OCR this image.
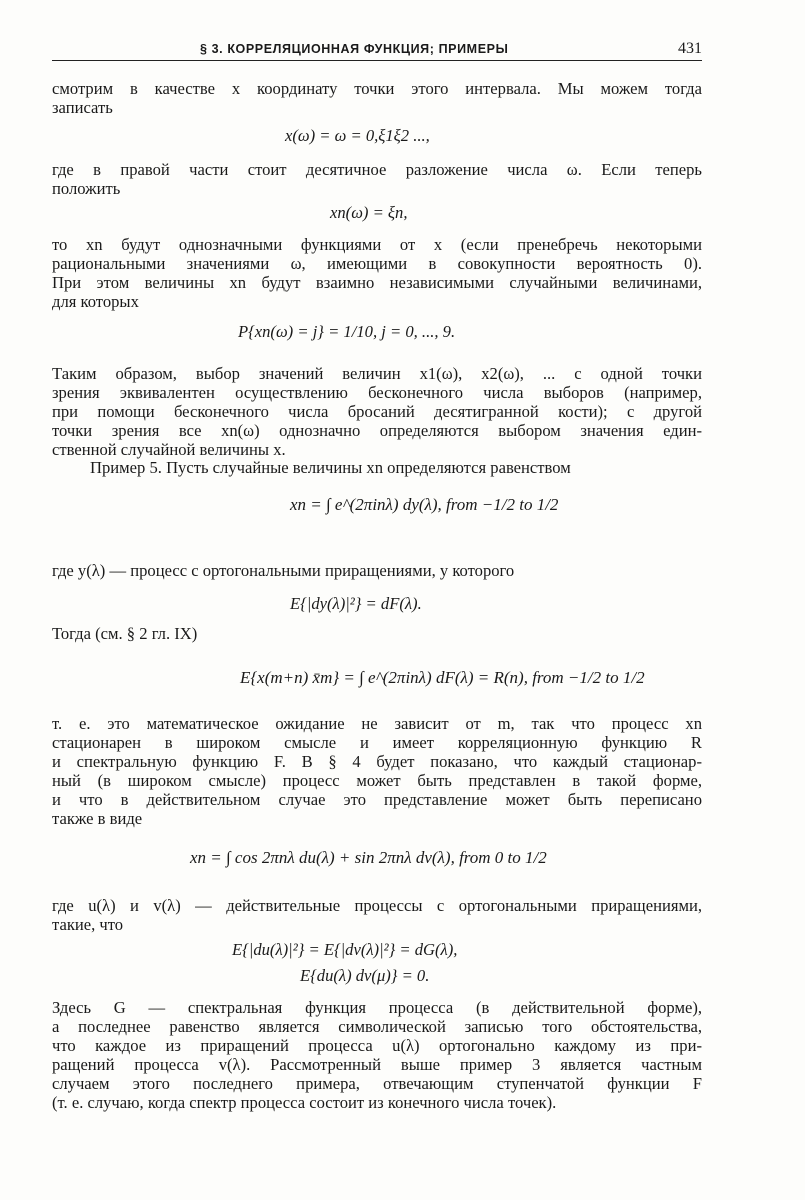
§ 3. КОРРЕЛЯЦИОННАЯ ФУНКЦИЯ; ПРИМЕРЫ	431
смотрим в качестве x координату точки этого интервала. Мы можем тогда
записать
x(ω) = ω = 0,ξ1ξ2 ...,
где в правой части стоит десятичное разложение числа ω. Если теперь
положить
xn(ω) = ξn,
то xn будут однозначными функциями от x (если пренебречь некоторыми
рациональными значениями ω, имеющими в совокупности вероятность 0).
При этом величины xn будут взаимно независимыми случайными величинами,
для которых
P{xn(ω) = j} = 1/10, j = 0, ..., 9.
Таким образом, выбор значений величин x1(ω), x2(ω), ... с одной точки
зрения эквивалентен осуществлению бесконечного числа выборов (например,
при помощи бесконечного числа бросаний десятигранной кости); с другой
точки зрения все xn(ω) однозначно определяются выбором значения един-
ственной случайной величины x.
Пример 5. Пусть случайные величины xn определяются равенством
xn = ∫ e^(2πinλ) dy(λ), from −1/2 to 1/2
где y(λ) — процесс с ортогональными приращениями, у которого
E{|dy(λ)|²} = dF(λ).
Тогда (см. § 2 гл. IX)
E{x(m+n) x̄m} = ∫ e^(2πinλ) dF(λ) = R(n), from −1/2 to 1/2
т. е. это математическое ожидание не зависит от m, так что процесс xn
стационарен в широком смысле и имеет корреляционную функцию R
и спектральную функцию F. В § 4 будет показано, что каждый стационар-
ный (в широком смысле) процесс может быть представлен в такой форме,
и что в действительном случае это представление может быть переписано
также в виде
xn = ∫ cos 2πnλ du(λ) + sin 2πnλ dv(λ), from 0 to 1/2
где u(λ) и v(λ) — действительные процессы с ортогональными приращениями,
такие, что
E{|du(λ)|²} = E{|dv(λ)|²} = dG(λ),
E{du(λ) dv(μ)} = 0.
Здесь G — спектральная функция процесса (в действительной форме),
а последнее равенство является символической записью того обстоятельства,
что каждое из приращений процесса u(λ) ортогонально каждому из при-
ращений процесса v(λ). Рассмотренный выше пример 3 является частным
случаем этого последнего примера, отвечающим ступенчатой функции F
(т. е. случаю, когда спектр процесса состоит из конечного числа точек).
